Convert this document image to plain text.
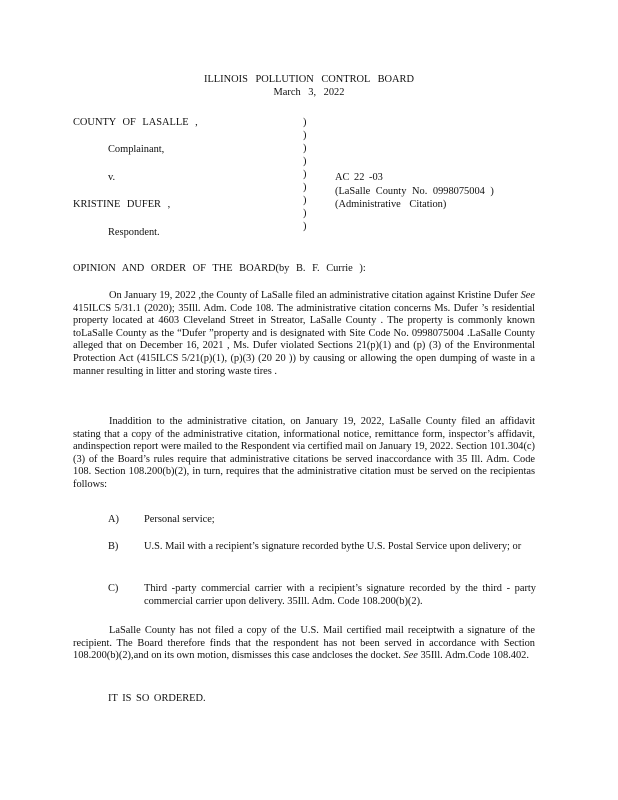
ILLINOIS POLLUTION CONTROL BOARD
March 3, 2022
COUNTY OF LASALLE ,
Complainant,
v.
KRISTINE DUFER ,
Respondent.
)
)
)
)
)
)
)
)
)
AC 22 -03
(LaSalle County No. 0998075004 )
(Administrative Citation)
OPINION AND ORDER OF THE BOARD(by B. F. Currie ):
On January 19, 2022 ,the County of LaSalle filed an administrative citation against Kristine Dufer See 415ILCS 5/31.1 (2020); 35Ill. Adm. Code 108. The administrative citation concerns Ms. Dufer ’s residential property located at 4603 Cleveland Street in Streator, LaSalle County . The property is commonly known toLaSalle County as the “Dufer ”property and is designated with Site Code No. 0998075004 .LaSalle County alleged that on December 16, 2021 , Ms. Dufer violated Sections 21(p)(1) and (p) (3) of the Environmental Protection Act (415ILCS 5/21(p)(1), (p)(3) (20 20 )) by causing or allowing the open dumping of waste in a manner resulting in litter and storing waste tires .
Inaddition to the administrative citation, on January 19, 2022, LaSalle County filed an affidavit stating that a copy of the administrative citation, informational notice, remittance form, inspector’s affidavit, andinspection report were mailed to the Respondent via certified mail on January 19, 2022. Section 101.304(c)(3) of the Board’s rules require that administrative citations be served inaccordance with 35 Ill. Adm. Code 108. Section 108.200(b)(2), in turn, requires that the administrative citation must be served on the recipientas follows:
A) Personal service;
B) U.S. Mail with a recipient’s signature recorded bythe U.S. Postal Service upon delivery; or
C) Third -party commercial carrier with a recipient’s signature recorded by the third - party commercial carrier upon delivery. 35Ill. Adm. Code 108.200(b)(2).
LaSalle County has not filed a copy of the U.S. Mail certified mail receiptwith a signature of the recipient. The Board therefore finds that the respondent has not been served in accordance with Section 108.200(b)(2),and on its own motion, dismisses this case andcloses the docket. See 35Ill. Adm.Code 108.402.
IT IS SO ORDERED.
